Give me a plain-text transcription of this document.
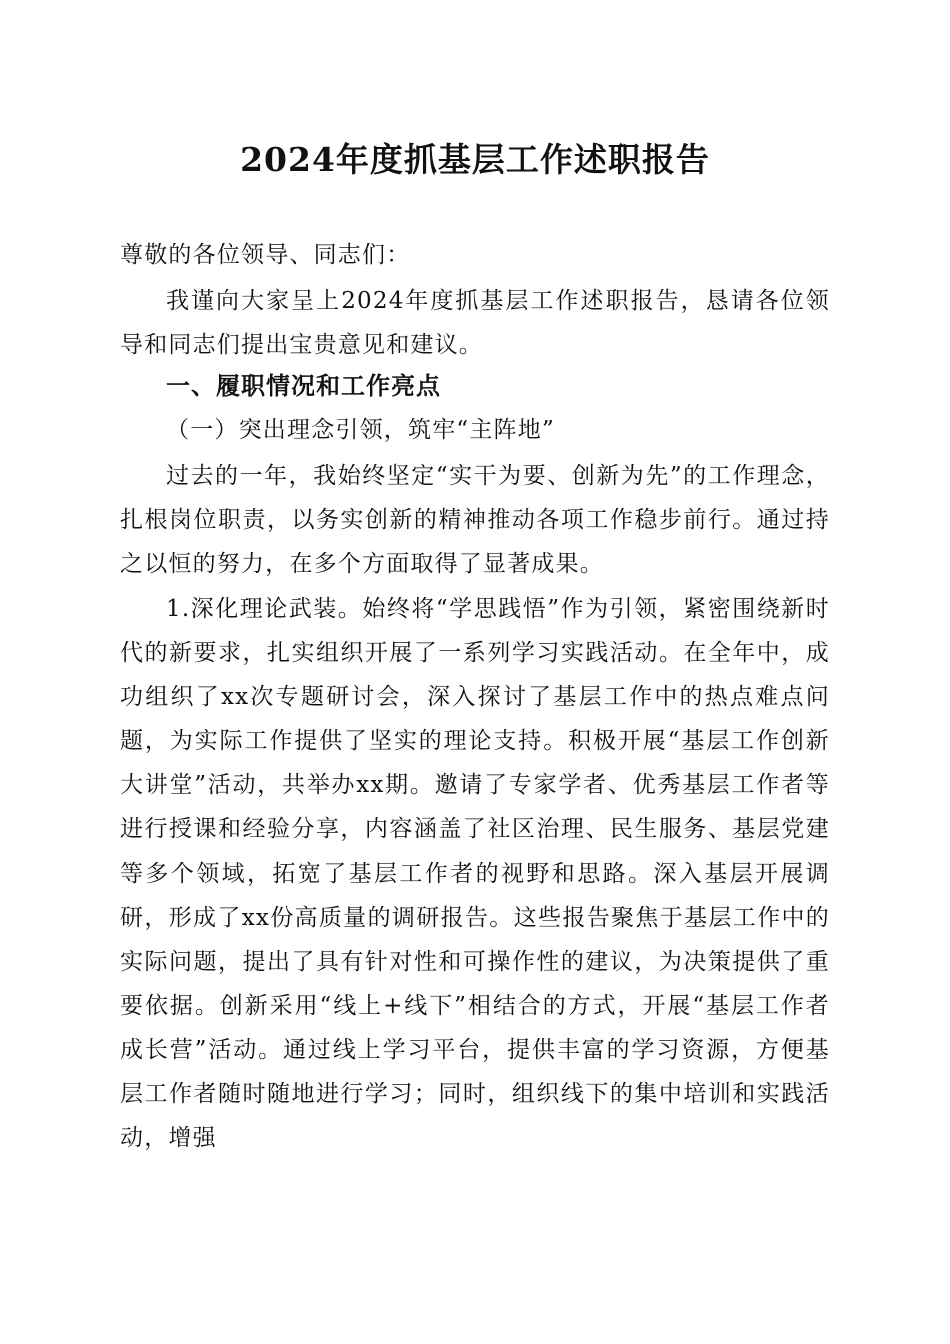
2024年度抓基层工作述职报告
尊敬的各位领导、同志们：
我谨向大家呈上2024年度抓基层工作述职报告，恳请各位领导和同志们提出宝贵意见和建议。
一、履职情况和工作亮点
（一）突出理念引领，筑牢“主阵地”
过去的一年，我始终坚定“实干为要、创新为先”的工作理念，扎根岗位职责，以务实创新的精神推动各项工作稳步前行。通过持之以恒的努力，在多个方面取得了显著成果。
1.深化理论武装。始终将“学思践悟”作为引领，紧密围绕新时代的新要求，扎实组织开展了一系列学习实践活动。在全年中，成功组织了xx次专题研讨会，深入探讨了基层工作中的热点难点问题，为实际工作提供了坚实的理论支持。积极开展“基层工作创新大讲堂”活动，共举办xx期。邀请了专家学者、优秀基层工作者等进行授课和经验分享，内容涵盖了社区治理、民生服务、基层党建等多个领域，拓宽了基层工作者的视野和思路。深入基层开展调研，形成了xx份高质量的调研报告。这些报告聚焦于基层工作中的实际问题，提出了具有针对性和可操作性的建议，为决策提供了重要依据。创新采用“线上+线下”相结合的方式，开展“基层工作者成长营”活动。通过线上学习平台，提供丰富的学习资源，方便基层工作者随时随地进行学习；同时，组织线下的集中培训和实践活动，增强
